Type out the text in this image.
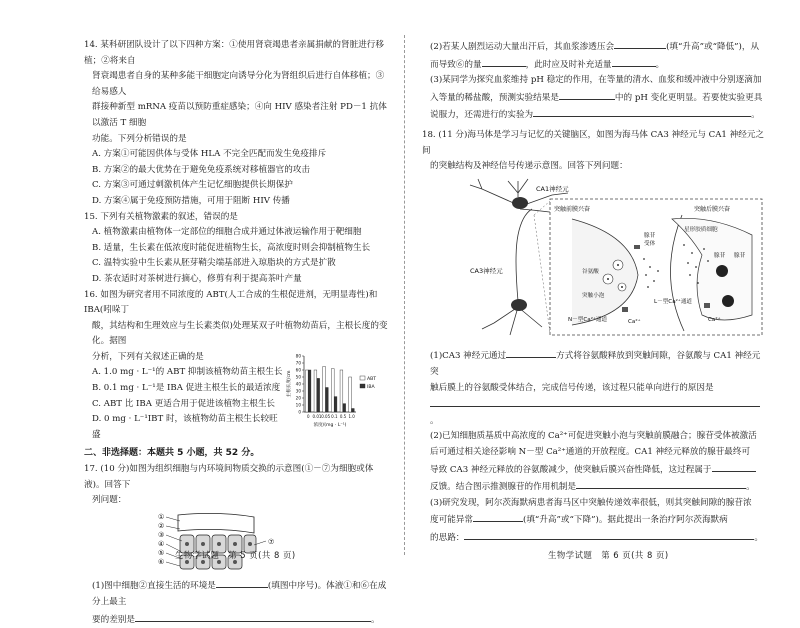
14. 某科研团队设计了以下四种方案：①使用肾衰竭患者亲属捐献的肾脏进行移植；②将来自

肾衰竭患者自身的某种多能干细胞定向诱导分化为肾组织后进行自体移植；③给易感人

群接种新型 mRNA 疫苗以预防重症感染；④向 HIV 感染者注射 PD－1 抗体以激活 T 细胞

功能。下列分析错误的是

A. 方案①可能因供体与受体 HLA 不完全匹配而发生免疫排斥

B. 方案②的最大优势在于避免免疫系统对移植器官的攻击

C. 方案③可通过刺激机体产生记忆细胞提供长期保护

D. 方案④属于免疫预防措施，可用于阻断 HIV 传播

15. 下列有关植物激素的叙述，错误的是

A. 植物激素由植物体一定部位的细胞合成并通过体液运输作用于靶细胞

B. 适量，生长素在低浓度时能促进植物生长，高浓度时则会抑制植物生长

C. 温特实验中生长素从胚芽鞘尖端基部进入琼脂块的方式是扩散

D. 茶农适时对茶树进行摘心，修剪有利于提高茶叶产量

16. 如图为研究者用不同浓度的 ABT(人工合成的生根促进剂，无明显毒性)和 IBA(吲哚丁

酸，其结构和生理效应与生长素类似)处理某双子叶植物幼苗后，主根长度的变化。据图

分析，下列有关叙述正确的是

A. 1.0 mg · L⁻¹的 ABT 抑制该植物幼苗主根生长

B. 0.1 mg · L⁻¹是 IBA 促进主根生长的最适浓度

C. ABT 比 IBA 更适合用于促进该植物主根生长

D. 0 mg · L⁻¹IBT 时，该植物幼苗主根生长较旺盛

0
10
20
30
40
50
60
70
80
主根长度/cm
0 0.01 0.05 0.1 0.5 1.0
浓度/(mg · L⁻¹)
ABT
IBA

二、非选择题：本题共 5 小题，共 52 分。

17. (10 分)如图为组织细胞与内环境间物质交换的示意图(①－⑦为细胞或体液)。回答下

列问题：

①
②
③
④
⑤
⑥
⑦

(1)图中细胞②直接生活的环境是	(填图中序号)。体液①和⑥在成分上最主

要的差别是	。

生物学试题　第 5 页(共 8 页)

(2)若某人剧烈运动大量出汗后，其血浆渗透压会	(填“升高”或“降低”)，从

而导致⑥的量	，此时应及时补充适量	。

(3)某同学为探究血浆维持 pH 稳定的作用，在等量的清水、血浆和缓冲液中分别逐滴加

入等量的稀盐酸，预测实验结果是	中的 pH 变化更明显。若要使实验更具

说服力，还需进行的实验为	。

18. (11 分)海马体是学习与记忆的关键脑区，如图为海马体 CA3 神经元与 CA1 神经元之间

的突触结构及神经信号传递示意图。回答下列问题：

CA1神经元
CA3神经元
突触前膜兴奋	突触后膜兴奋
腺苷
受体
谷氨酸
突触小泡
N－型Ca²⁺通道	Ca²⁺
星形胶质细胞
腺苷
L－型Ca²⁺通道
Ca²⁺
腺苷

(1)CA3 神经元通过	方式将谷氨酸释放到突触间隙，谷氨酸与 CA1 神经元突

触后膜上的谷氨酸受体结合，完成信号传递，该过程只能单向进行的原因是

。

(2)已知细胞质基质中高浓度的 Ca²⁺可促进突触小泡与突触前膜融合；腺苷受体被激活

后可通过相关途径影响 N－型 Ca²⁺通道的开放程度。CA1 神经元释放的腺苷最终可

导致 CA3 神经元释放的谷氨酸减少，使突触后膜兴奋性降低，这过程属于

反馈。结合图示推测腺苷的作用机制是	。

(3)研究发现，阿尔茨海默病患者海马区中突触传递效率很低，则其突触间隙的腺苷浓

度可能异常	(填“升高”或“下降”)。据此提出一条治疗阿尔茨海默病

的思路：	。

生物学试题　第 6 页(共 8 页)
